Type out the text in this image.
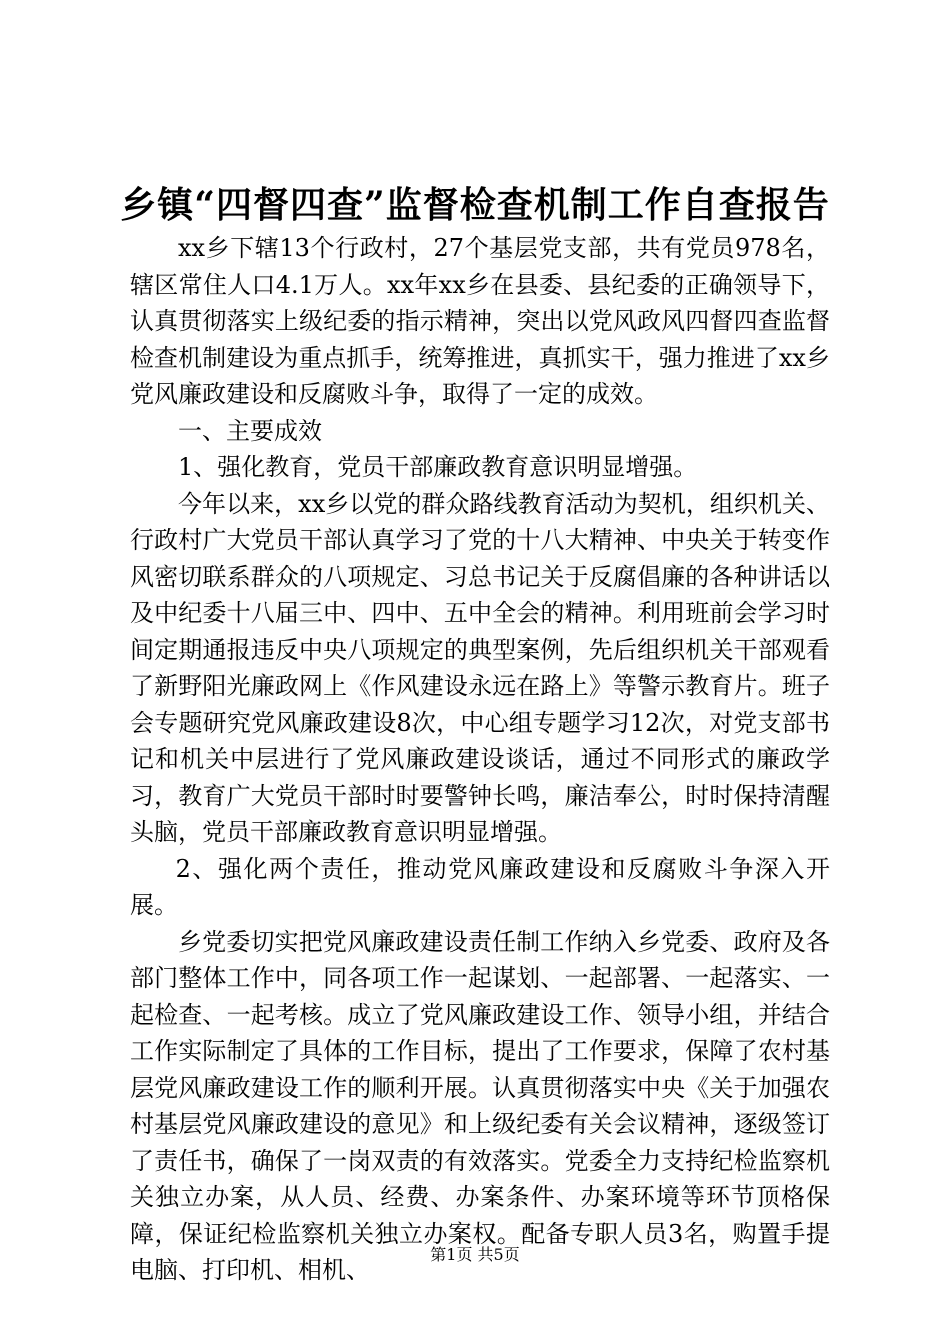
乡镇“四督四查”监督检查机制工作自查报告

xx乡下辖13个行政村，27个基层党支部，共有党员978名，辖区常住人口4.1万人。xx年xx乡在县委、县纪委的正确领导下，认真贯彻落实上级纪委的指示精神，突出以党风政风四督四查监督检查机制建设为重点抓手，统筹推进，真抓实干，强力推进了xx乡党风廉政建设和反腐败斗争，取得了一定的成效。

一、主要成效

1、强化教育，党员干部廉政教育意识明显增强。

今年以来，xx乡以党的群众路线教育活动为契机，组织机关、行政村广大党员干部认真学习了党的十八大精神、中央关于转变作风密切联系群众的八项规定、习总书记关于反腐倡廉的各种讲话以及中纪委十八届三中、四中、五中全会的精神。利用班前会学习时间定期通报违反中央八项规定的典型案例，先后组织机关干部观看了新野阳光廉政网上《作风建设永远在路上》等警示教育片。班子会专题研究党风廉政建设8次，中心组专题学习12次，对党支部书记和机关中层进行了党风廉政建设谈话，通过不同形式的廉政学习，教育广大党员干部时时要警钟长鸣，廉洁奉公，时时保持清醒头脑，党员干部廉政教育意识明显增强。

2、强化两个责任，推动党风廉政建设和反腐败斗争深入开展。

乡党委切实把党风廉政建设责任制工作纳入乡党委、政府及各部门整体工作中，同各项工作一起谋划、一起部署、一起落实、一起检查、一起考核。成立了党风廉政建设工作、领导小组，并结合工作实际制定了具体的工作目标，提出了工作要求，保障了农村基层党风廉政建设工作的顺利开展。认真贯彻落实中央《关于加强农村基层党风廉政建设的意见》和上级纪委有关会议精神，逐级签订了责任书，确保了一岗双责的有效落实。党委全力支持纪检监察机关独立办案，从人员、经费、办案条件、办案环境等环节顶格保障，保证纪检监察机关独立办案权。配备专职人员3名，购置手提电脑、打印机、相机、

第1页 共5页
